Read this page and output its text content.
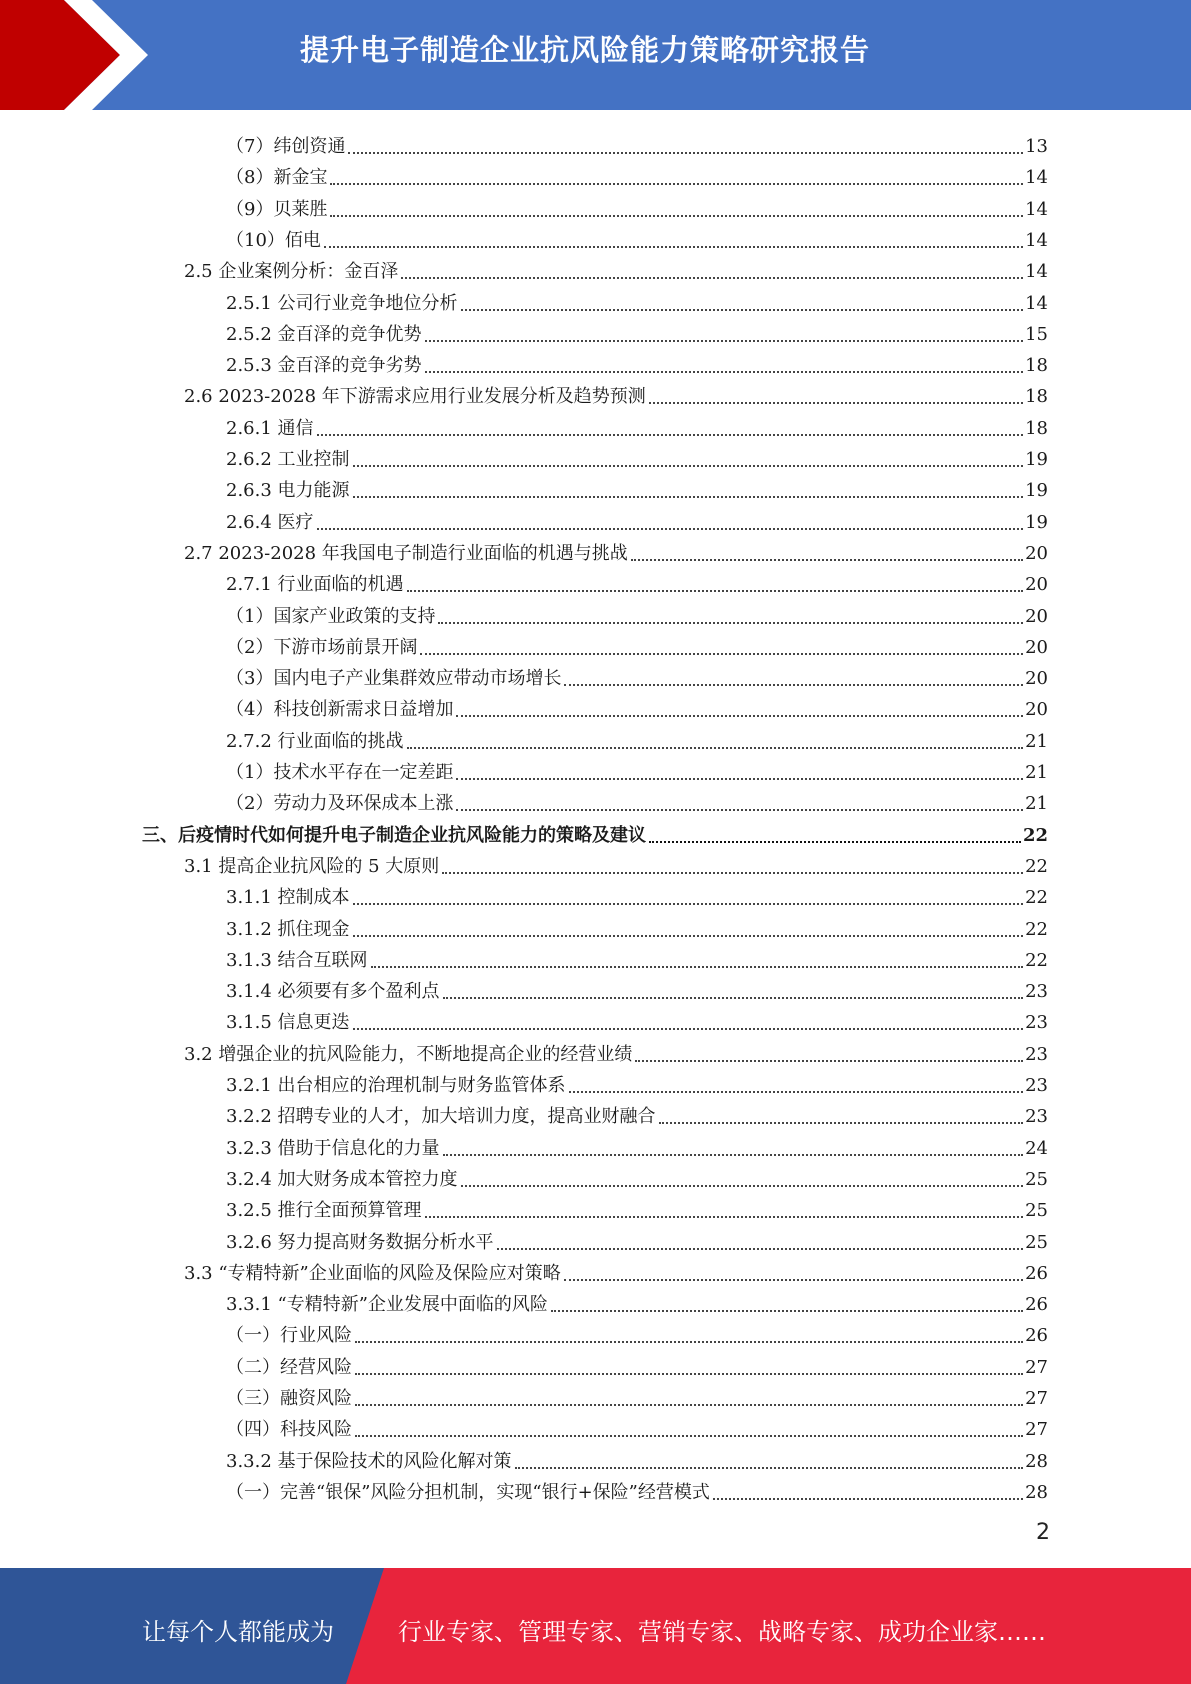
提升电子制造企业抗风险能力策略研究报告
（7）纬创资通	13
（8）新金宝	14
（9）贝莱胜	14
（10）佰电	14
2.5 企业案例分析：金百泽	14
2.5.1 公司行业竞争地位分析	14
2.5.2 金百泽的竞争优势	15
2.5.3 金百泽的竞争劣势	18
2.6 2023-2028 年下游需求应用行业发展分析及趋势预测	18
2.6.1 通信	18
2.6.2 工业控制	19
2.6.3 电力能源	19
2.6.4 医疗	19
2.7 2023-2028 年我国电子制造行业面临的机遇与挑战	20
2.7.1 行业面临的机遇	20
（1）国家产业政策的支持	20
（2）下游市场前景开阔	20
（3）国内电子产业集群效应带动市场增长	20
（4）科技创新需求日益增加	20
2.7.2 行业面临的挑战	21
（1）技术水平存在一定差距	21
（2）劳动力及环保成本上涨	21
三、后疫情时代如何提升电子制造企业抗风险能力的策略及建议	22
3.1 提高企业抗风险的 5 大原则	22
3.1.1 控制成本	22
3.1.2 抓住现金	22
3.1.3 结合互联网	22
3.1.4 必须要有多个盈利点	23
3.1.5 信息更迭	23
3.2 增强企业的抗风险能力，不断地提高企业的经营业绩	23
3.2.1 出台相应的治理机制与财务监管体系	23
3.2.2 招聘专业的人才，加大培训力度，提高业财融合	23
3.2.3 借助于信息化的力量	24
3.2.4 加大财务成本管控力度	25
3.2.5 推行全面预算管理	25
3.2.6 努力提高财务数据分析水平	25
3.3 “专精特新”企业面临的风险及保险应对策略	26
3.3.1 “专精特新”企业发展中面临的风险	26
（一）行业风险	26
（二）经营风险	27
（三）融资风险	27
（四）科技风险	27
3.3.2 基于保险技术的风险化解对策	28
（一）完善“银保”风险分担机制，实现“银行+保险”经营模式	28
2
让每个人都能成为	行业专家、管理专家、营销专家、战略专家、成功企业家……
